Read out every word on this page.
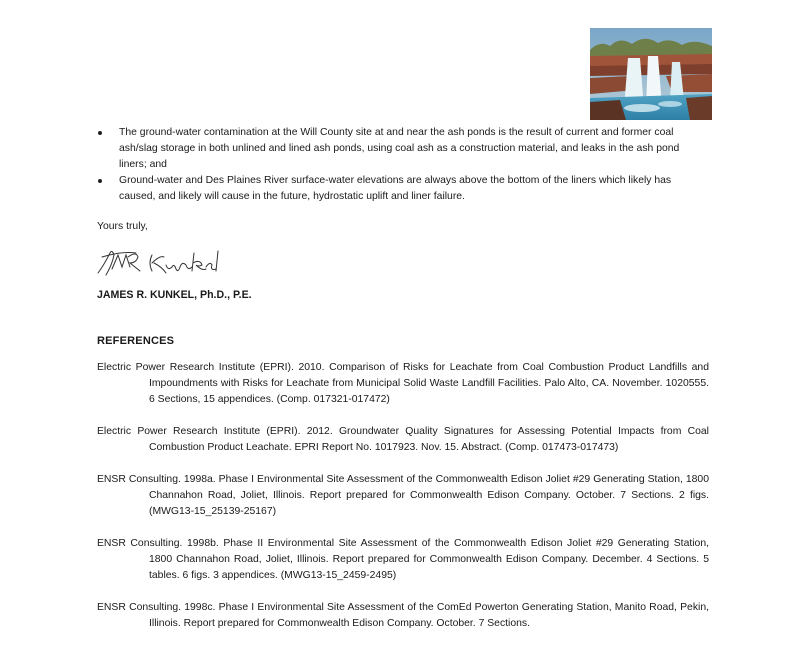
The ground-water contamination at the Will County site at and near the ash ponds is the result of current and former coal ash/slag storage in both unlined and lined ash ponds, using coal ash as a construction material, and leaks in the ash pond liners; and
Ground-water and Des Plaines River surface-water elevations are always above the bottom of the liners which likely has caused, and likely will cause in the future, hydrostatic uplift and liner failure.
Yours truly,
JAMES R. KUNKEL, Ph.D., P.E.
REFERENCES
Electric Power Research Institute (EPRI). 2010. Comparison of Risks for Leachate from Coal Combustion Product Landfills and Impoundments with Risks for Leachate from Municipal Solid Waste Landfill Facilities. Palo Alto, CA. November. 1020555. 6 Sections, 15 appendices. (Comp. 017321-017472)
Electric Power Research Institute (EPRI). 2012. Groundwater Quality Signatures for Assessing Potential Impacts from Coal Combustion Product Leachate. EPRI Report No. 1017923. Nov. 15. Abstract. (Comp. 017473-017473)
ENSR Consulting. 1998a. Phase I Environmental Site Assessment of the Commonwealth Edison Joliet #29 Generating Station, 1800 Channahon Road, Joliet, Illinois. Report prepared for Commonwealth Edison Company. October. 7 Sections. 2 figs. (MWG13-15_25139-25167)
ENSR Consulting. 1998b. Phase II Environmental Site Assessment of the Commonwealth Edison Joliet #29 Generating Station, 1800 Channahon Road, Joliet, Illinois. Report prepared for Commonwealth Edison Company. December. 4 Sections. 5 tables. 6 figs. 3 appendices. (MWG13-15_2459-2495)
ENSR Consulting. 1998c. Phase I Environmental Site Assessment of the ComEd Powerton Generating Station, Manito Road, Pekin, Illinois. Report prepared for Commonwealth Edison Company. October. 7 Sections.
